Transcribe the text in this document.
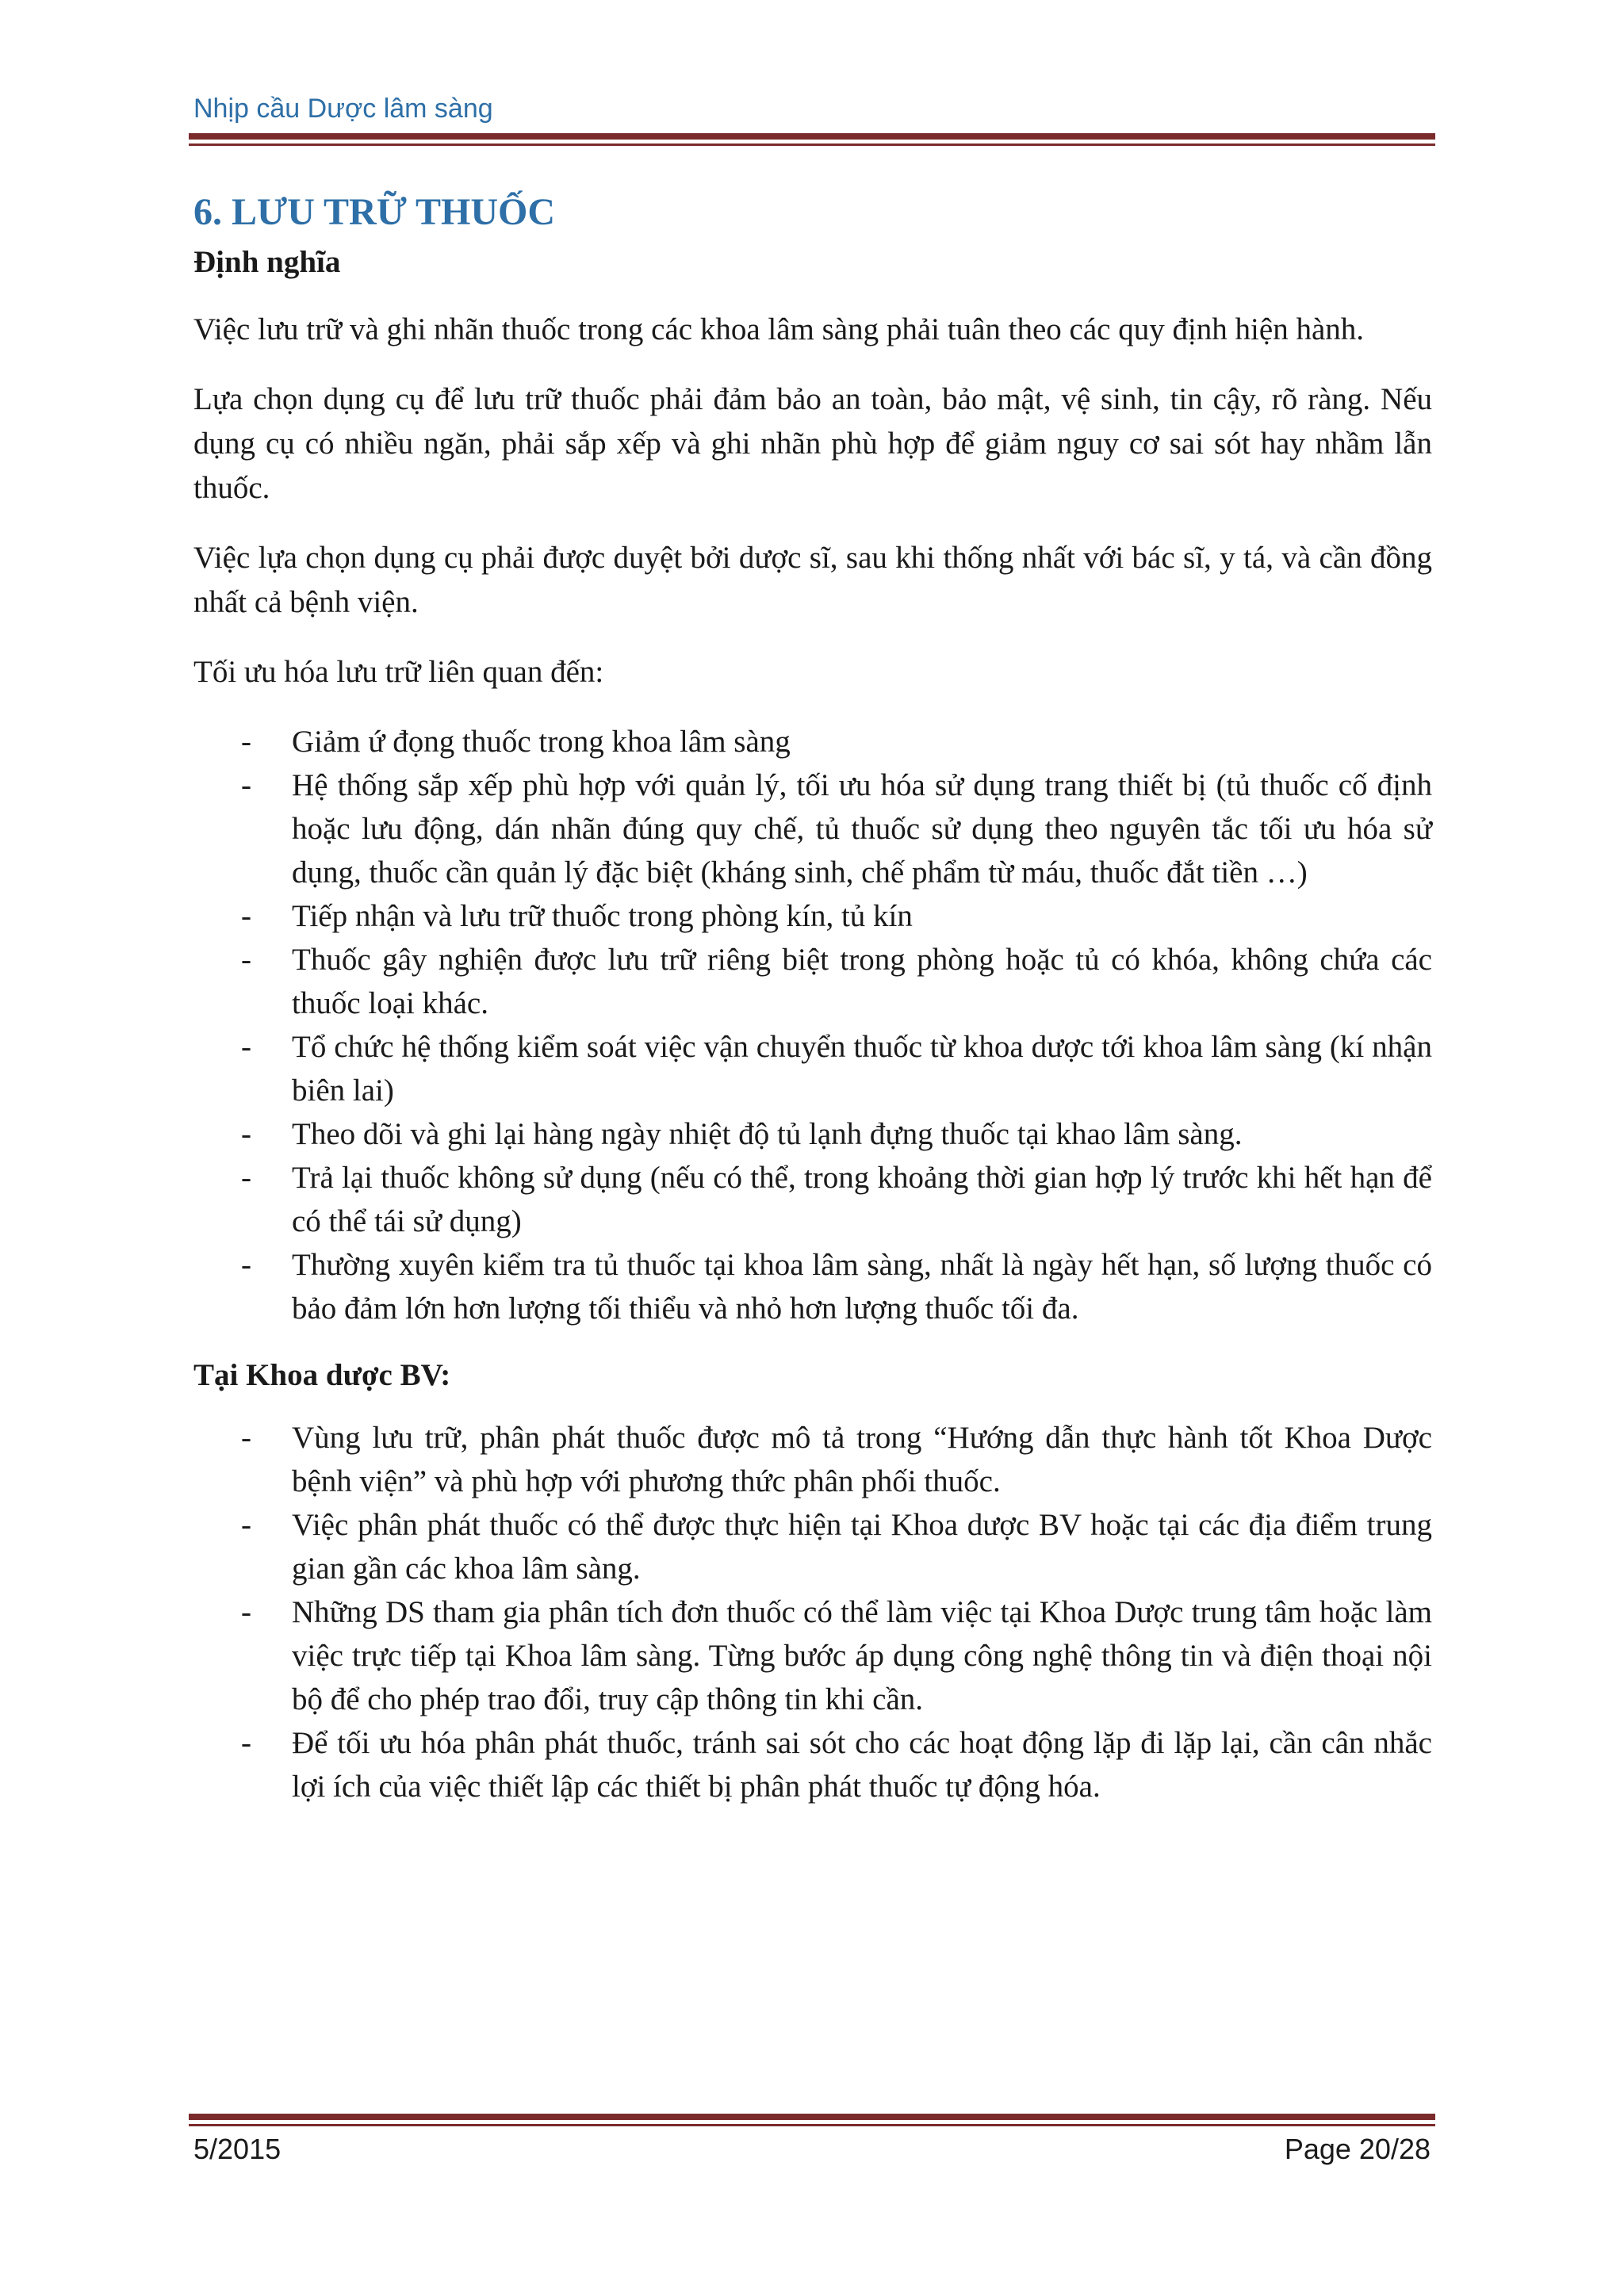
Nhịp cầu Dược lâm sàng
6. LƯU TRỮ THUỐC
Định nghĩa

Việc lưu trữ và ghi nhãn thuốc trong các khoa lâm sàng phải tuân theo các quy định hiện hành.

Lựa chọn dụng cụ để lưu trữ thuốc phải đảm bảo an toàn, bảo mật, vệ sinh, tin cậy, rõ ràng. Nếu dụng cụ có nhiều ngăn, phải sắp xếp và ghi nhãn phù hợp để giảm nguy cơ sai sót hay nhầm lẫn thuốc.

Việc lựa chọn dụng cụ phải được duyệt bởi dược sĩ, sau khi thống nhất với bác sĩ, y tá, và cần đồng nhất cả bệnh viện.

Tối ưu hóa lưu trữ liên quan đến:

- Giảm ứ đọng thuốc trong khoa lâm sàng
- Hệ thống sắp xếp phù hợp với quản lý, tối ưu hóa sử dụng trang thiết bị (tủ thuốc cố định hoặc lưu động, dán nhãn đúng quy chế, tủ thuốc sử dụng theo nguyên tắc tối ưu hóa sử dụng, thuốc cần quản lý đặc biệt (kháng sinh, chế phẩm từ máu, thuốc đắt tiền …)
- Tiếp nhận và lưu trữ thuốc trong phòng kín, tủ kín
- Thuốc gây nghiện được lưu trữ riêng biệt trong phòng hoặc tủ có khóa, không chứa các thuốc loại khác.
- Tổ chức hệ thống kiểm soát việc vận chuyển thuốc từ khoa dược tới khoa lâm sàng (kí nhận biên lai)
- Theo dõi và ghi lại hàng ngày nhiệt độ tủ lạnh đựng thuốc tại khao lâm sàng.
- Trả lại thuốc không sử dụng (nếu có thể, trong khoảng thời gian hợp lý trước khi hết hạn để có thể tái sử dụng)
- Thường xuyên kiểm tra tủ thuốc tại khoa lâm sàng, nhất là ngày hết hạn, số lượng thuốc có bảo đảm lớn hơn lượng tối thiểu và nhỏ hơn lượng thuốc tối đa.
Tại Khoa dược BV:
- Vùng lưu trữ, phân phát thuốc được mô tả trong “Hướng dẫn thực hành tốt Khoa Dược bệnh viện” và phù hợp với phương thức phân phối thuốc.
- Việc phân phát thuốc có thể được thực hiện tại Khoa dược BV hoặc tại các địa điểm trung gian gần các khoa lâm sàng.
- Những DS tham gia phân tích đơn thuốc có thể làm việc tại Khoa Dược trung tâm hoặc làm việc trực tiếp tại Khoa lâm sàng. Từng bước áp dụng công nghệ thông tin và điện thoại nội bộ để cho phép trao đổi, truy cập thông tin khi cần.
- Để tối ưu hóa phân phát thuốc, tránh sai sót cho các hoạt động lặp đi lặp lại, cần cân nhắc lợi ích của việc thiết lập các thiết bị phân phát thuốc tự động hóa.
5/2015	Page 20/28
